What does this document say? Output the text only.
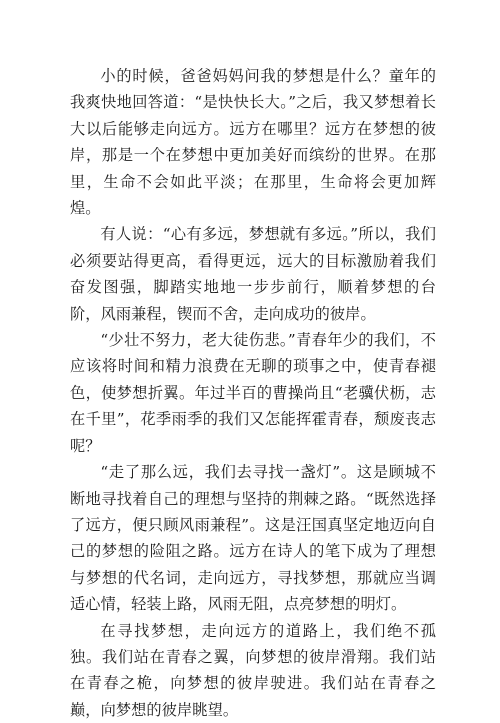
小的时候，爸爸妈妈问我的梦想是什么？童年的我爽快地回答道：“是快快长大。”之后，我又梦想着长大以后能够走向远方。远方在哪里？远方在梦想的彼岸，那是一个在梦想中更加美好而缤纷的世界。在那里，生命不会如此平淡；在那里，生命将会更加辉煌。

有人说：“心有多远，梦想就有多远。”所以，我们必须要站得更高，看得更远，远大的目标激励着我们奋发图强，脚踏实地地一步步前行，顺着梦想的台阶，风雨兼程，锲而不舍，走向成功的彼岸。

“少壮不努力，老大徒伤悲。”青春年少的我们，不应该将时间和精力浪费在无聊的琐事之中，使青春褪色，使梦想折翼。年过半百的曹操尚且“老骥伏枥，志在千里”，花季雨季的我们又怎能挥霍青春，颓废丧志呢？

“走了那么远，我们去寻找一盏灯”。这是顾城不断地寻找着自己的理想与坚持的荆棘之路。“既然选择了远方，便只顾风雨兼程”。这是汪国真坚定地迈向自己的梦想的险阻之路。远方在诗人的笔下成为了理想与梦想的代名词，走向远方，寻找梦想，那就应当调适心情，轻装上路，风雨无阻，点亮梦想的明灯。

在寻找梦想，走向远方的道路上，我们绝不孤独。我们站在青春之翼，向梦想的彼岸滑翔。我们站在青春之桅，向梦想的彼岸驶进。我们站在青春之巅，向梦想的彼岸眺望。
